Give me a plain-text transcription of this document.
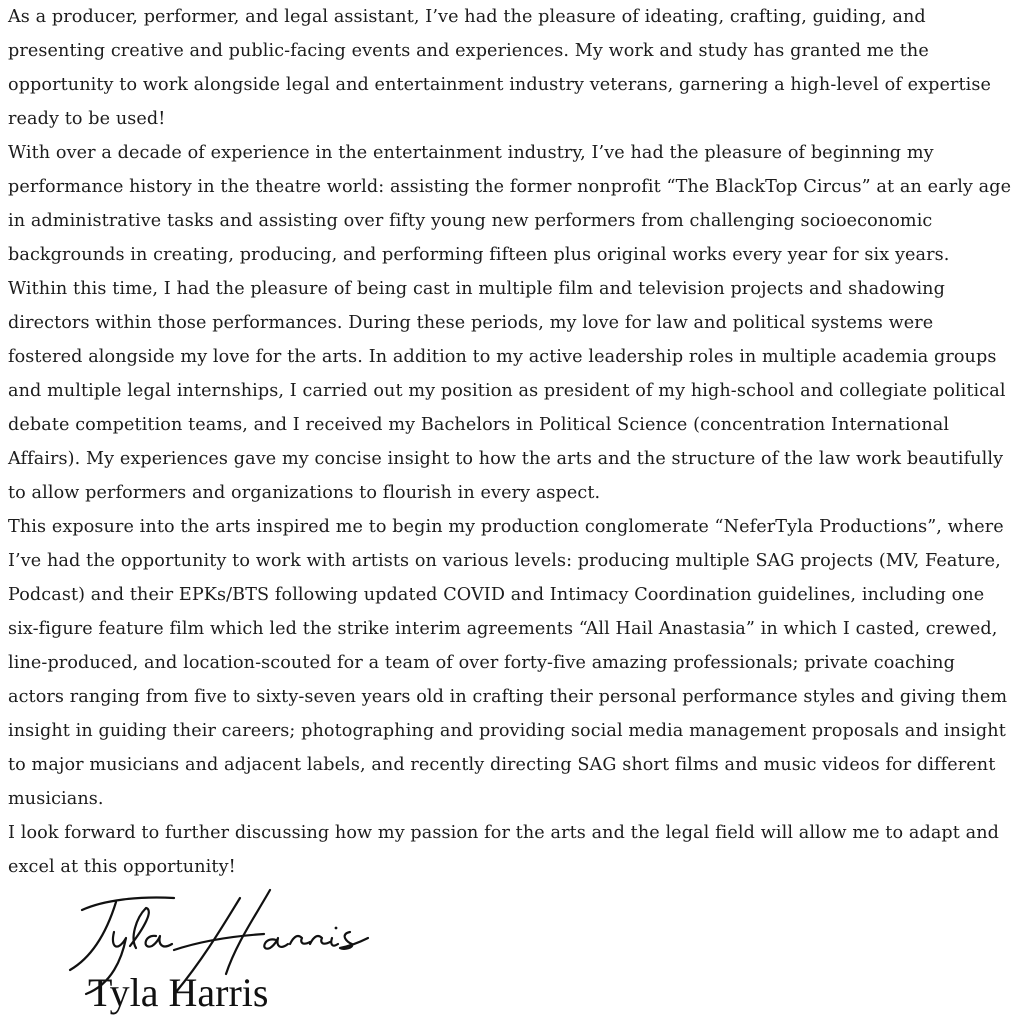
As a producer, performer, and legal assistant, I’ve had the pleasure of ideating, crafting, guiding, and presenting creative and public-facing events and experiences. My work and study has granted me the opportunity to work alongside legal and entertainment industry veterans, garnering a high-level of expertise ready to be used!

With over a decade of experience in the entertainment industry, I’ve had the pleasure of beginning my performance history in the theatre world: assisting the former nonprofit “The BlackTop Circus” at an early age in administrative tasks and assisting over fifty young new performers from challenging socioeconomic backgrounds in creating, producing, and performing fifteen plus original works every year for six years. Within this time, I had the pleasure of being cast in multiple film and television projects and shadowing directors within those performances. During these periods, my love for law and political systems were fostered alongside my love for the arts. In addition to my active leadership roles in multiple academia groups and multiple legal internships, I carried out my position as president of my high-school and collegiate political debate competition teams, and I received my Bachelors in Political Science (concentration International Affairs). My experiences gave my concise insight to how the arts and the structure of the law work beautifully to allow performers and organizations to flourish in every aspect.

This exposure into the arts inspired me to begin my production conglomerate “NeferTyla Productions”, where I’ve had the opportunity to work with artists on various levels: producing multiple SAG projects (MV, Feature, Podcast) and their EPKs/BTS following updated COVID and Intimacy Coordination guidelines, including one six-figure feature film which led the strike interim agreements “All Hail Anastasia” in which I casted, crewed, line-produced, and location-scouted for a team of over forty-five amazing professionals; private coaching actors ranging from five to sixty-seven years old in crafting their personal performance styles and giving them insight in guiding their careers; photographing and providing social media management proposals and insight to major musicians and adjacent labels, and recently directing SAG short films and music videos for different musicians.

I look forward to further discussing how my passion for the arts and the legal field will allow me to adapt and excel at this opportunity!

Tyla Harris
